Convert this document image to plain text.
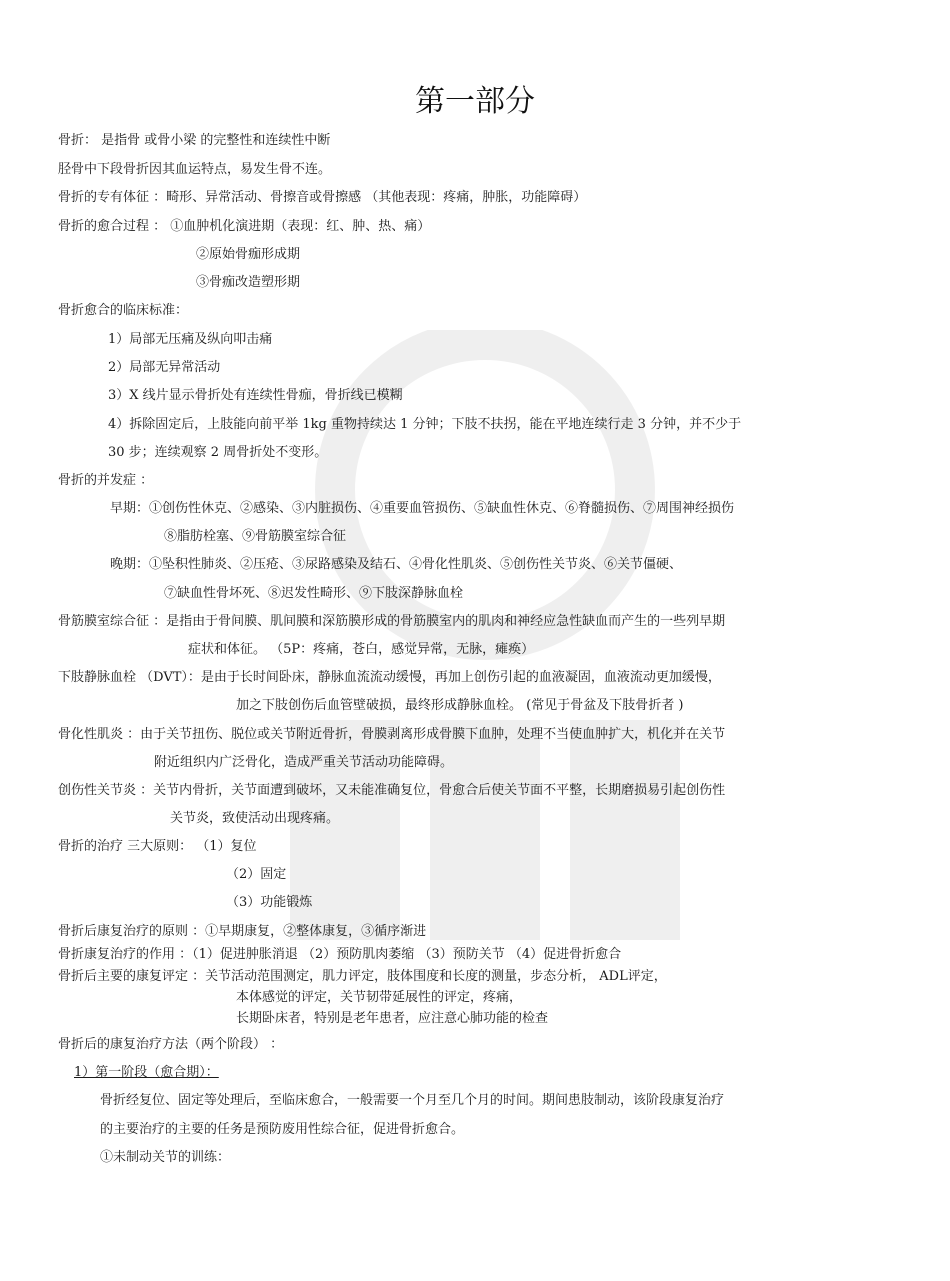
第一部分
骨折： 是指骨 或骨小梁 的完整性和连续性中断
胫骨中下段骨折因其血运特点，易发生骨不连。
骨折的专有体征 ：畸形、异常活动、骨擦音或骨擦感 （其他表现：疼痛，肿胀，功能障碍）
骨折的愈合过程 ： ①血肿机化演进期（表现：红、肿、热、痛）
②原始骨痂形成期
③骨痂改造塑形期
骨折愈合的临床标准：
1）局部无压痛及纵向叩击痛
2）局部无异常活动
3）X 线片显示骨折处有连续性骨痂，骨折线已模糊
4）拆除固定后，上肢能向前平举 1kg 重物持续达 1 分钟；下肢不扶拐，能在平地连续行走 3 分钟，并不少于
30 步；连续观察 2 周骨折处不变形。
骨折的并发症 ：
早期：①创伤性休克、②感染、③内脏损伤、④重要血管损伤、⑤缺血性休克、⑥脊髓损伤、⑦周围神经损伤
⑧脂肪栓塞、⑨骨筋膜室综合征
晚期：①坠积性肺炎、②压疮、③尿路感染及结石、④骨化性肌炎、⑤创伤性关节炎、⑥关节僵硬、
⑦缺血性骨坏死、⑧迟发性畸形、⑨下肢深静脉血栓
骨筋膜室综合征 ：是指由于骨间膜、肌间膜和深筋膜形成的骨筋膜室内的肌肉和神经应急性缺血而产生的一些列早期
症状和体征。 （5P：疼痛，苍白，感觉异常，无脉，瘫痪）
下肢静脉血栓 （DVT）：是由于长时间卧床，静脉血流流动缓慢，再加上创伤引起的血液凝固，血液流动更加缓慢，
加之下肢创伤后血管壁破损，最终形成静脉血栓。 (常见于骨盆及下肢骨折者 )
骨化性肌炎 ：由于关节扭伤、脱位或关节附近骨折，骨膜剥离形成骨膜下血肿，处理不当使血肿扩大，机化并在关节
附近组织内广泛骨化，造成严重关节活动功能障碍。
创伤性关节炎 ：关节内骨折，关节面遭到破坏，又未能准确复位，骨愈合后使关节面不平整，长期磨损易引起创伤性
关节炎，致使活动出现疼痛。
骨折的治疗 三大原则： （1）复位
（2）固定
（3）功能锻炼
骨折后康复治疗的原则 ：①早期康复，②整体康复，③循序渐进
骨折康复治疗的作用 ：（1）促进肿胀消退 （2）预防肌肉萎缩 （3）预防关节 （4）促进骨折愈合
骨折后主要的康复评定 ：关节活动范围测定，肌力评定，肢体围度和长度的测量，步态分析， ADL评定，
本体感觉的评定，关节韧带延展性的评定，疼痛，
长期卧床者，特别是老年患者，应注意心肺功能的检查
骨折后的康复治疗方法（两个阶段） ：
1）第一阶段（愈合期）：
骨折经复位、固定等处理后，至临床愈合，一般需要一个月至几个月的时间。期间患肢制动，该阶段康复治疗
的主要治疗的主要的任务是预防废用性综合征，促进骨折愈合。
①未制动关节的训练：
